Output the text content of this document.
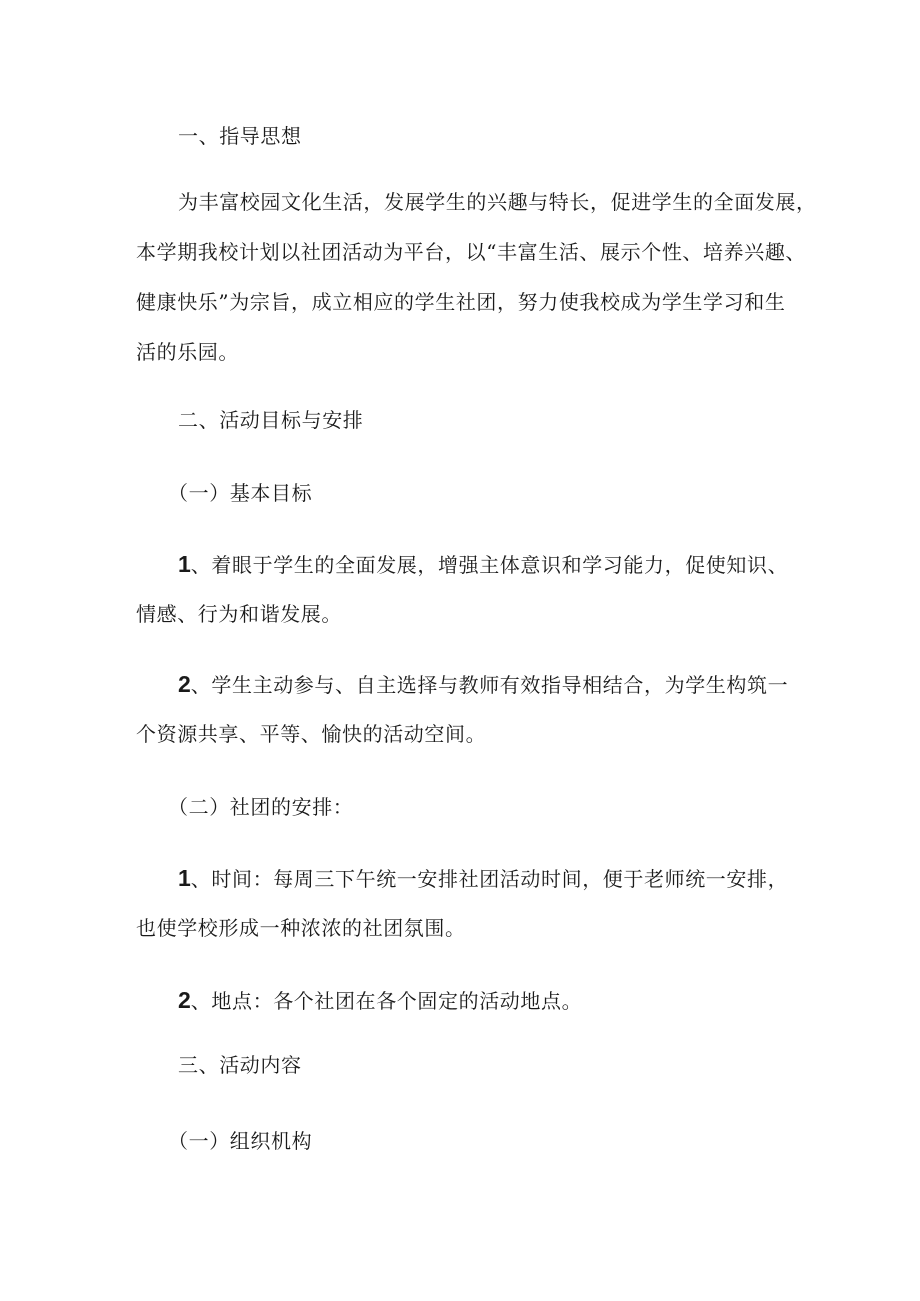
一、指导思想

为丰富校园文化生活，发展学生的兴趣与特长，促进学生的全面发展，

本学期我校计划以社团活动为平台，以“丰富生活、展示个性、培养兴趣、

健康快乐”为宗旨，成立相应的学生社团，努力使我校成为学生学习和生

活的乐园。

二、活动目标与安排

（一）基本目标

1、着眼于学生的全面发展，增强主体意识和学习能力，促使知识、

情感、行为和谐发展。

2、学生主动参与、自主选择与教师有效指导相结合，为学生构筑一

个资源共享、平等、愉快的活动空间。

（二）社团的安排：

1、时间：每周三下午统一安排社团活动时间，便于老师统一安排，

也使学校形成一种浓浓的社团氛围。

2、地点：各个社团在各个固定的活动地点。

三、活动内容

（一）组织机构
